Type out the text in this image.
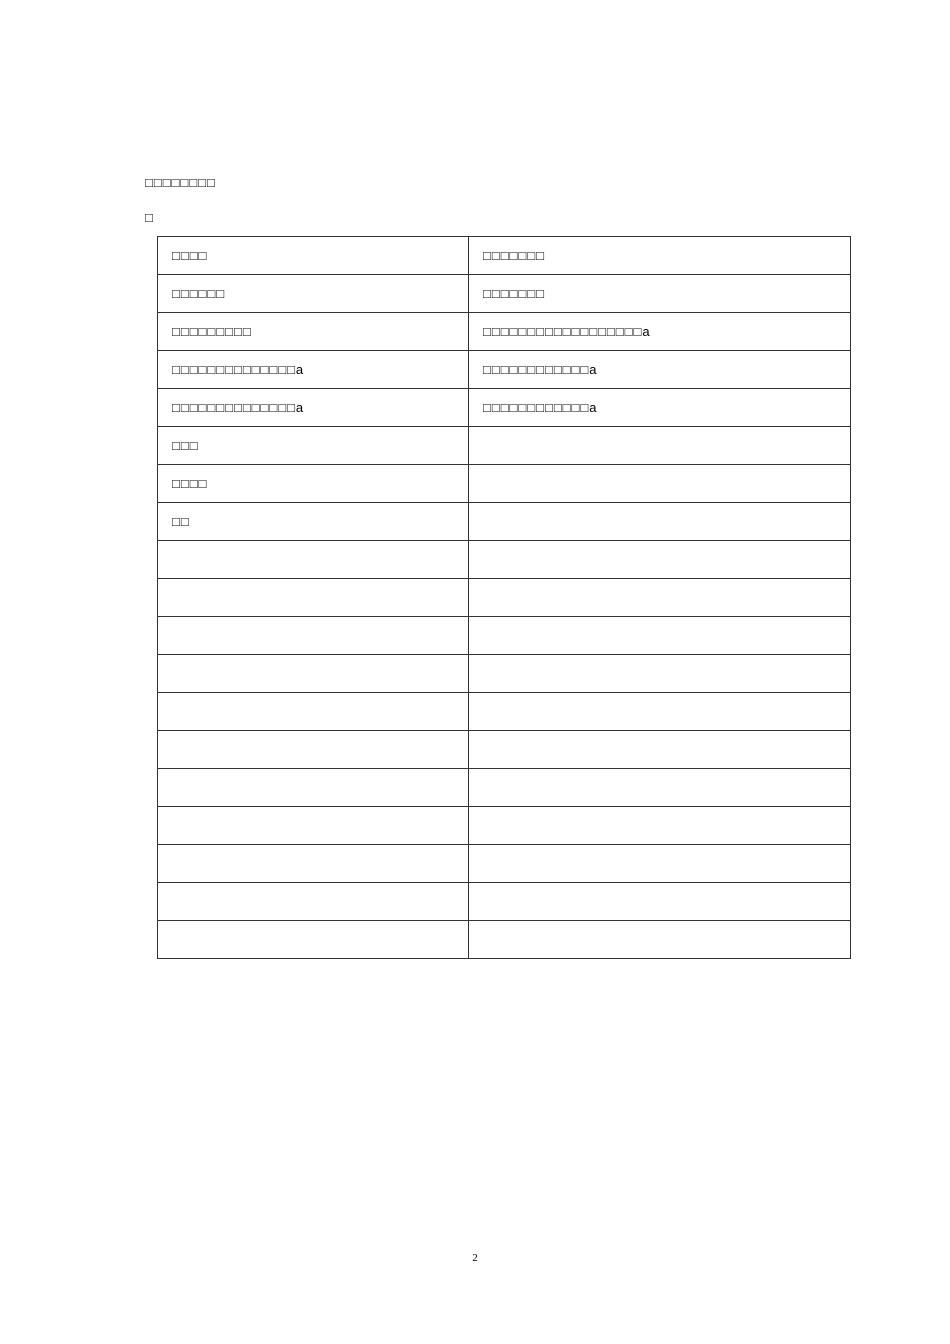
□□□□□□□□
□
□□□□	□□□□□□□
□□□□□□	□□□□□□□
□□□□□□□□□	□□□□□□□□□□□□□□□□□□a
□□□□□□□□□□□□□□a	□□□□□□□□□□□□a
□□□□□□□□□□□□□□a	□□□□□□□□□□□□a
□□□	
□□□□	
□□	

2
